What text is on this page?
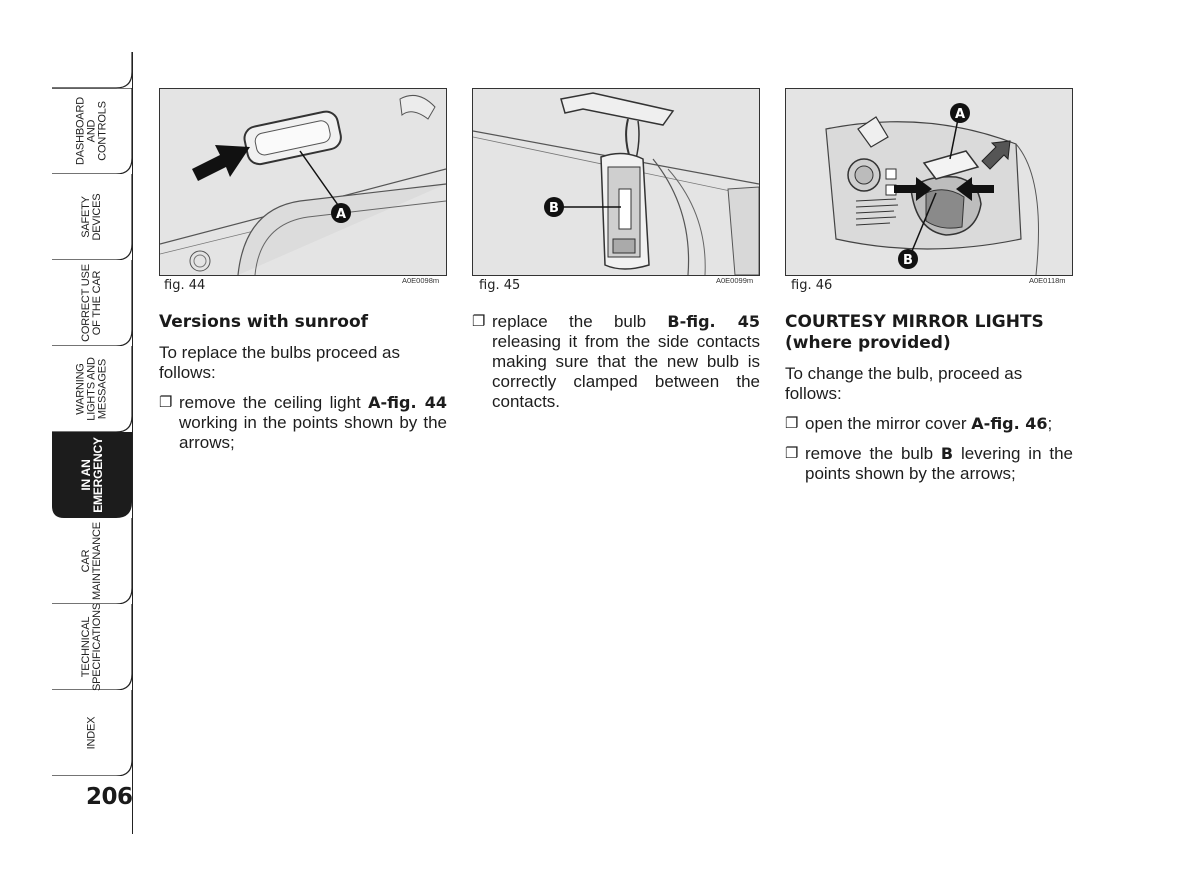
DASHBOARD
AND
CONTROLS
SAFETY
DEVICES
CORRECT USE
OF THE CAR
WARNING
LIGHTS AND
MESSAGES
IN AN
EMERGENCY
CAR
MAINTENANCE
TECHNICAL
SPECIFICATIONS
INDEX
206
A
fig. 44	A0E0098m
B
fig. 45	A0E0099m
A
B
fig. 46	A0E0118m
Versions with sunroof

To replace the bulbs proceed as follows:

❐ remove the ceiling light A-fig. 44 working in the points shown by the arrows;
❐ replace the bulb B-fig. 45 releasing it from the side contacts making sure that the new bulb is correctly clamped between the contacts.
COURTESY MIRROR LIGHTS (where provided)

To change the bulb, proceed as follows:

❐ open the mirror cover A-fig. 46;
❐ remove the bulb B levering in the points shown by the arrows;
